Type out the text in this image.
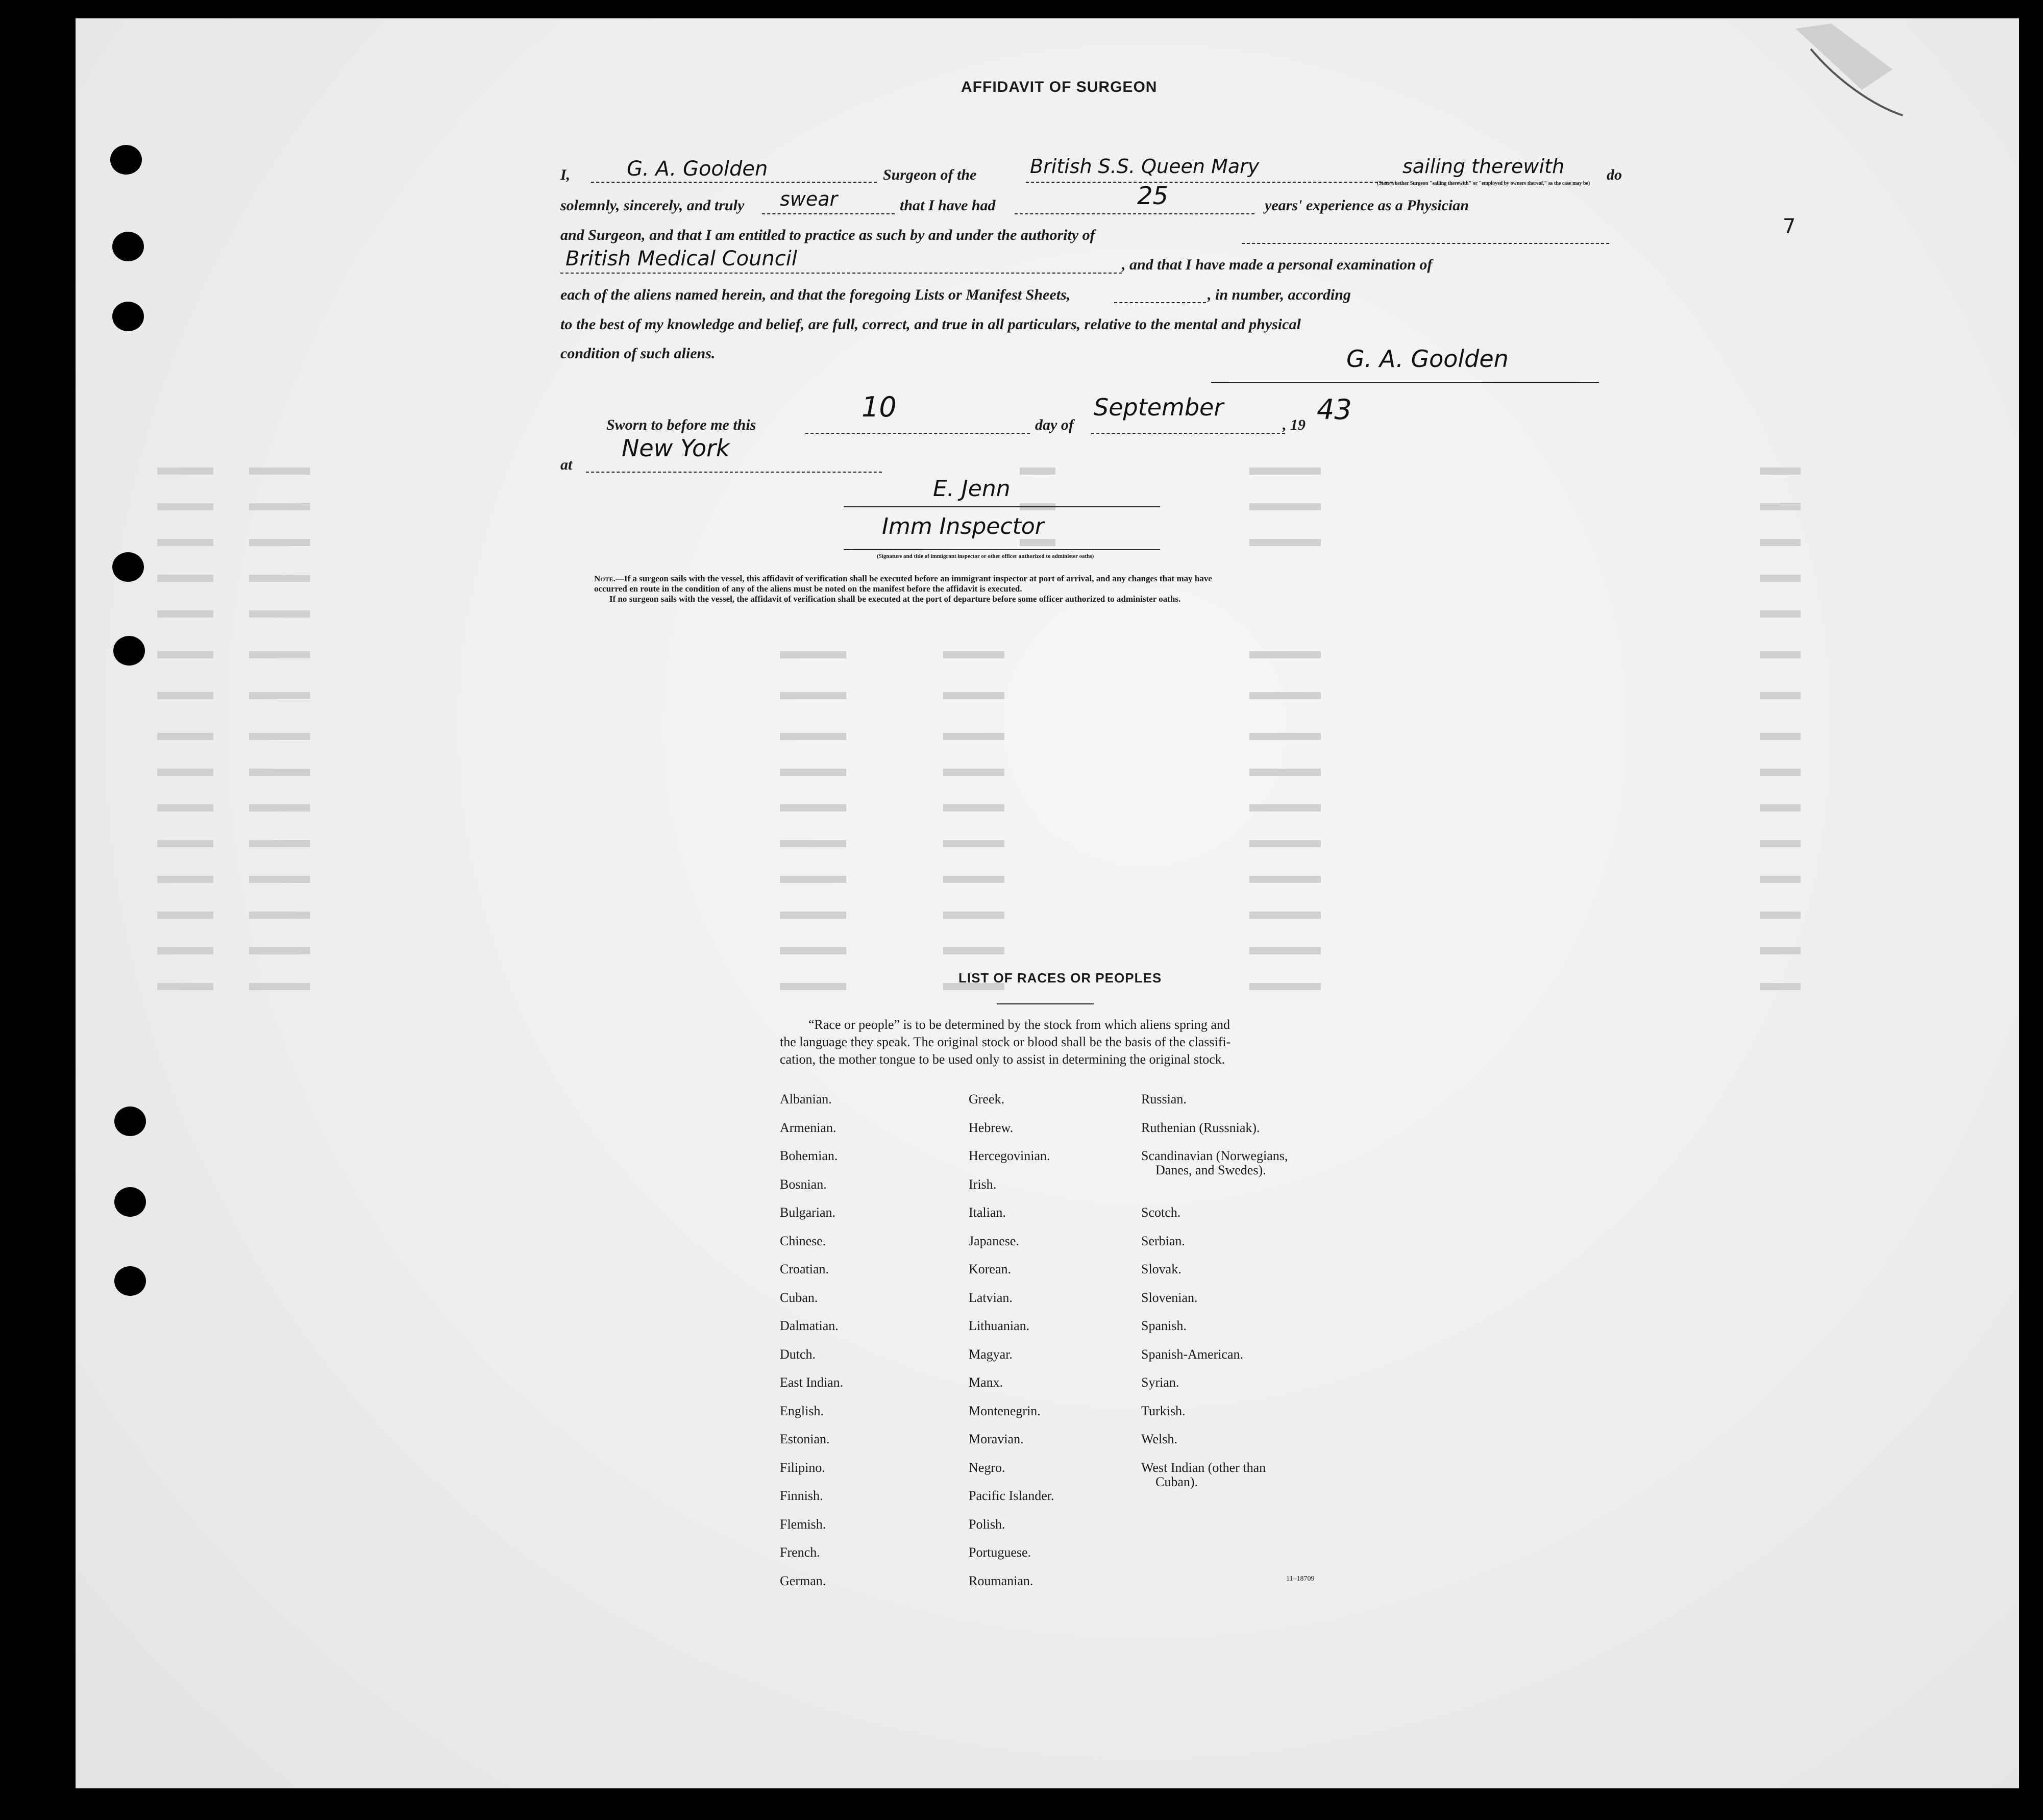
AFFIDAVIT OF SURGEON
I,	G. A. Goolden	Surgeon of the	British S.S. Queen Mary	sailing therewith	do
(State whether Surgeon "sailing therewith" or "employed by owners thereof," as the case may be)
solemnly, sincerely, and truly swear	that I have had	25	years' experience as a Physician
and Surgeon, and that I am entitled to practice as such by and under the authority of
British Medical Council	, and that I have made a personal examination of
each of the aliens named herein, and that the foregoing Lists or Manifest Sheets,	, in number, according
to the best of my knowledge and belief, are full, correct, and true in all particulars, relative to the mental and physical
condition of such aliens.	G. A. Goolden
Sworn to before me this
10
day of
September
, 19 43
at
New York
E. Jenn
Imm Inspector
(Signature and title of immigrant inspector or other officer authorized to administer oaths)
Note.—If a surgeon sails with the vessel, this affidavit of verification shall be executed before an immigrant inspector at port of arrival, and any changes that may have
occurred en route in the condition of any of the aliens must be noted on the manifest before the affidavit is executed.
If no surgeon sails with the vessel, the affidavit of verification shall be executed at the port of departure before some officer authorized to administer oaths.
7
LIST OF RACES OR PEOPLES
“Race or people” is to be determined by the stock from which aliens spring and
the language they speak. The original stock or blood shall be the basis of the classifi-
cation, the mother tongue to be used only to assist in determining the original stock.
Albanian.
Armenian.
Bohemian.
Bosnian.
Bulgarian.
Chinese.
Croatian.
Cuban.
Dalmatian.
Dutch.
East Indian.
English.
Estonian.
Filipino.
Finnish.
Flemish.
French.
German.
Greek.
Hebrew.
Hercegovinian.
Irish.
Italian.
Japanese.
Korean.
Latvian.
Lithuanian.
Magyar.
Manx.
Montenegrin.
Moravian.
Negro.
Pacific Islander.
Polish.
Portuguese.
Roumanian.
Russian.
Ruthenian (Russniak).
Scandinavian (Norwegians,
Danes, and Swedes).
Scotch.
Serbian.
Slovak.
Slovenian.
Spanish.
Spanish-American.
Syrian.
Turkish.
Welsh.
West Indian (other than
Cuban).
11–18709
